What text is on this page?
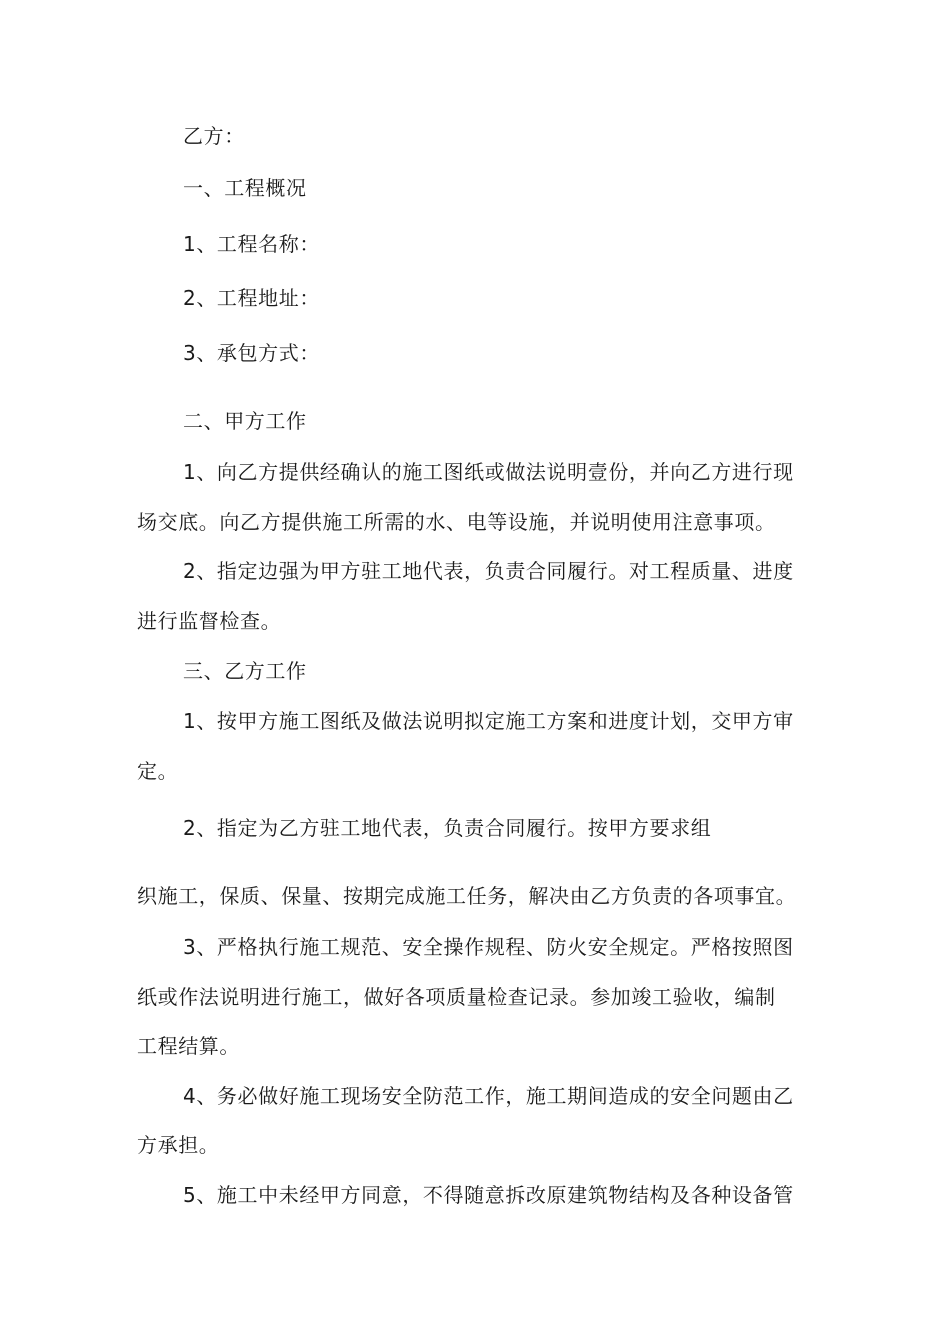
乙方：
一、工程概况
1、工程名称：
2、工程地址：
3、承包方式：
二、甲方工作
1、向乙方提供经确认的施工图纸或做法说明壹份，并向乙方进行现
场交底。向乙方提供施工所需的水、电等设施，并说明使用注意事项。
2、指定边强为甲方驻工地代表，负责合同履行。对工程质量、进度
进行监督检查。
三、乙方工作
1、按甲方施工图纸及做法说明拟定施工方案和进度计划，交甲方审
定。
2、指定为乙方驻工地代表，负责合同履行。按甲方要求组
织施工，保质、保量、按期完成施工任务，解决由乙方负责的各项事宜。
3、严格执行施工规范、安全操作规程、防火安全规定。严格按照图
纸或作法说明进行施工，做好各项质量检查记录。参加竣工验收，编制
工程结算。
4、务必做好施工现场安全防范工作，施工期间造成的安全问题由乙
方承担。
5、施工中未经甲方同意，不得随意拆改原建筑物结构及各种设备管
